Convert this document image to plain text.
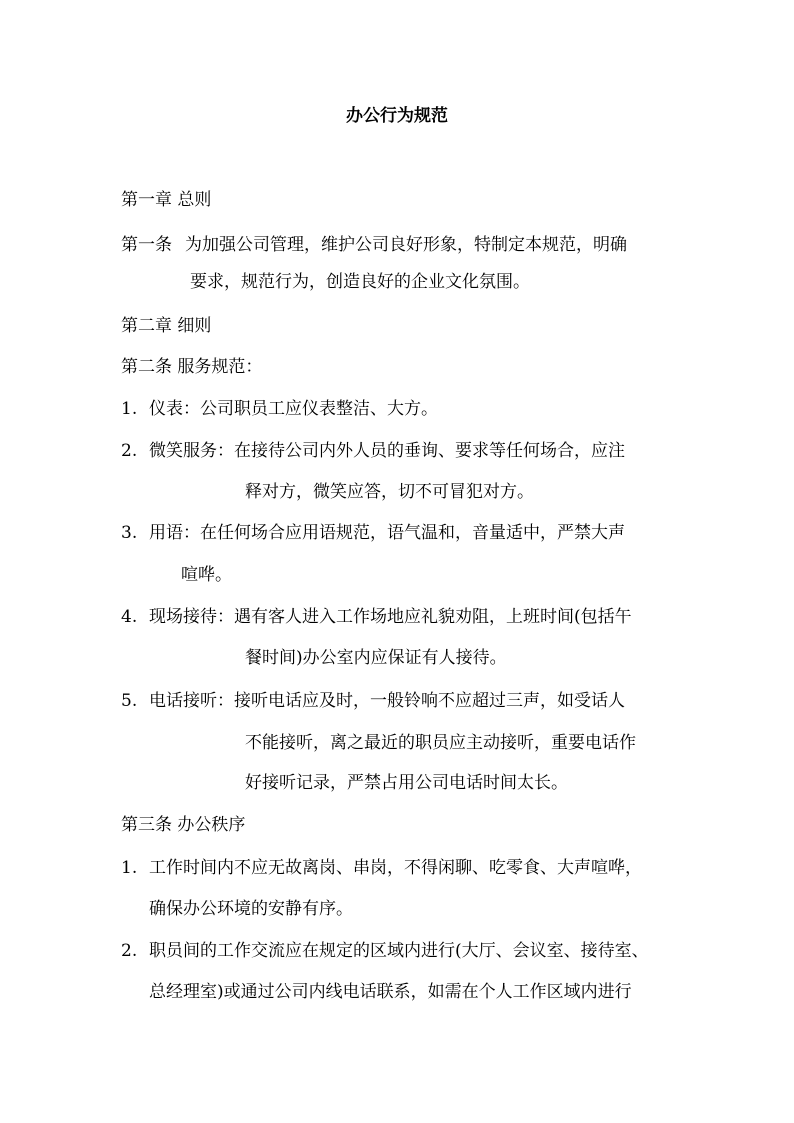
办公行为规范
第一章 总则
第一条 为加强公司管理，维护公司良好形象，特制定本规范，明确
要求，规范行为，创造良好的企业文化氛围。
第二章 细则
第二条 服务规范：
1. 仪表：公司职员工应仪表整洁、大方。
2. 微笑服务：在接待公司内外人员的垂询、要求等任何场合，应注
释对方，微笑应答，切不可冒犯对方。
3. 用语：在任何场合应用语规范，语气温和，音量适中，严禁大声
喧哗。
4. 现场接待：遇有客人进入工作场地应礼貌劝阻，上班时间(包括午
餐时间)办公室内应保证有人接待。
5. 电话接听：接听电话应及时，一般铃响不应超过三声，如受话人
不能接听，离之最近的职员应主动接听，重要电话作
好接听记录，严禁占用公司电话时间太长。
第三条 办公秩序
1. 工作时间内不应无故离岗、串岗，不得闲聊、吃零食、大声喧哗，
确保办公环境的安静有序。
2. 职员间的工作交流应在规定的区域内进行(大厅、会议室、接待室、
总经理室)或通过公司内线电话联系，如需在个人工作区域内进行
